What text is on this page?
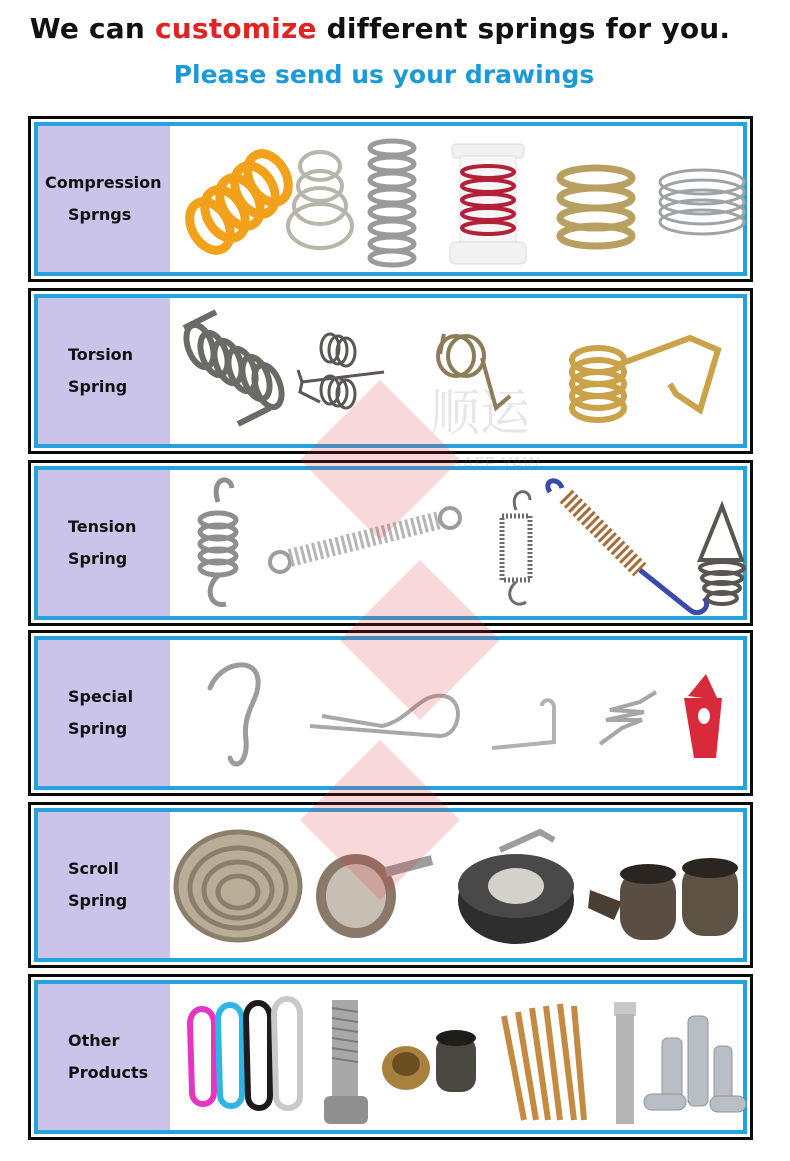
We can customize different springs for you.
Please send us your drawings
Compression
Sprngs
Torsion
Spring
Tension
Spring
Special
Spring
Scroll
Spring
Other
Products
